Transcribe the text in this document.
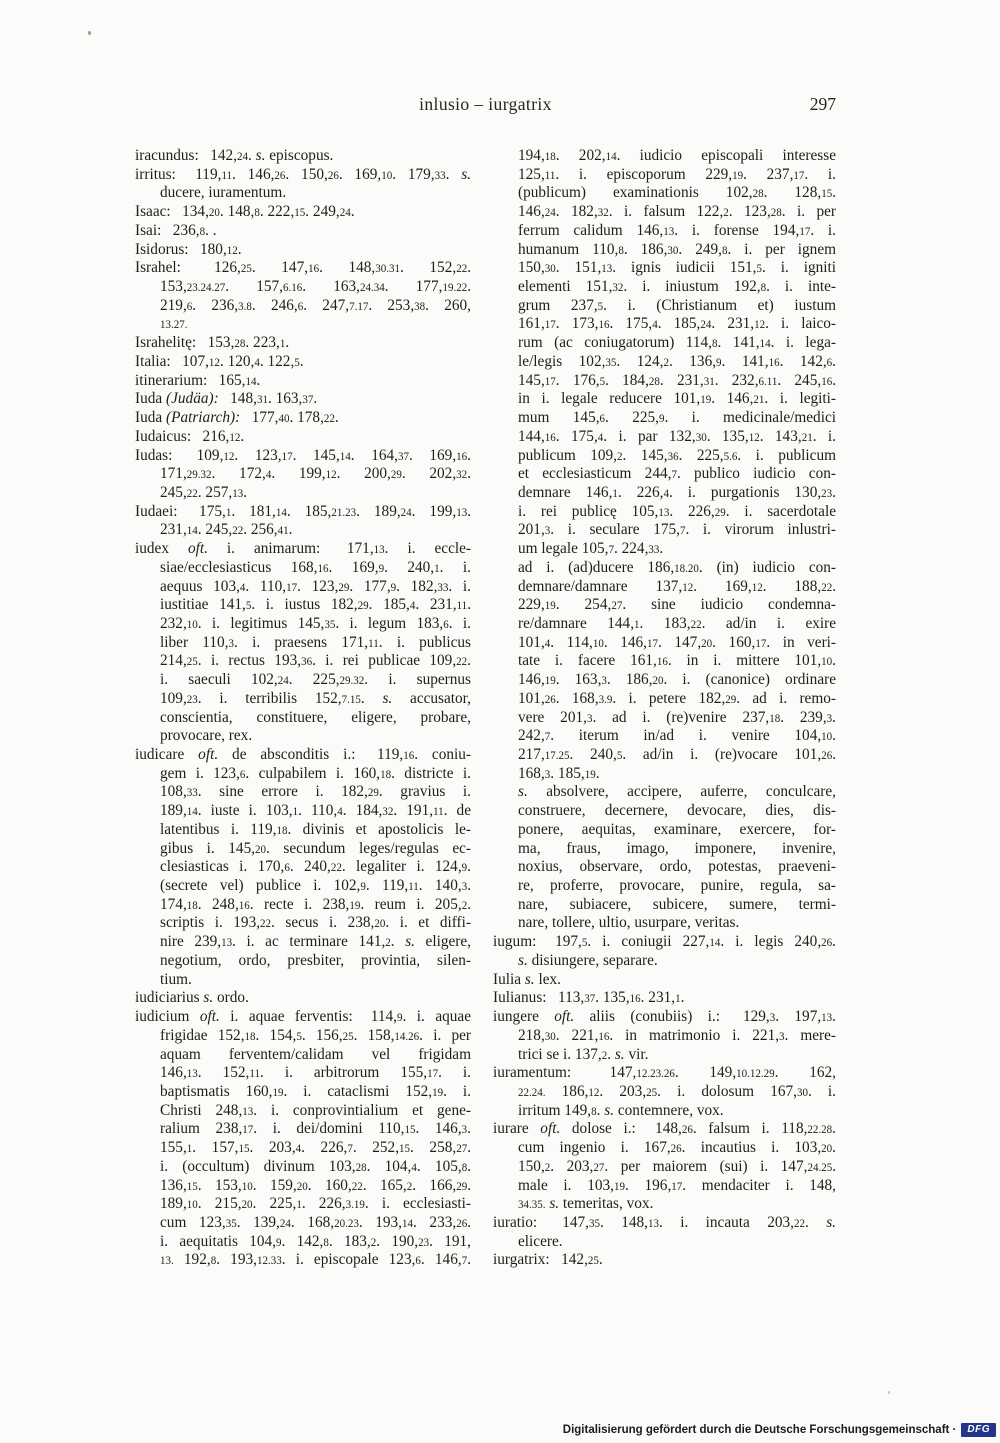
inlusio – iurgatrix	297
iracundus:  142,24. s. episcopus.
irritus:  119,11. 146,26. 150,26. 169,10. 179,33. s.
ducere, iuramentum.
Isaac:  134,20. 148,8. 222,15. 249,24.
Isai:  236,8. .
Isidorus:  180,12.
Israhel:  126,25. 147,16. 148,30.31. 152,22.
153,23.24.27. 157,6.16. 163,24.34. 177,19.22.
219,6. 236,3.8. 246,6. 247,7.17. 253,38. 260,
13.27.
Israhelitę:  153,28. 223,1.
Italia:  107,12. 120,4. 122,5.
itinerarium:  165,14.
Iuda (Judäa):  148,31. 163,37.
Iuda (Patriarch):  177,40. 178,22.
Iudaicus:  216,12.
Iudas:  109,12. 123,17. 145,14. 164,37. 169,16.
171,29.32. 172,4. 199,12. 200,29. 202,32.
245,22. 257,13.
Iudaei:  175,1. 181,14. 185,21.23. 189,24. 199,13.
231,14. 245,22. 256,41.
iudex oft. i. animarum:  171,13. i. eccle-
siae/ecclesiasticus 168,16. 169,9. 240,1. i.
aequus 103,4. 110,17. 123,29. 177,9. 182,33. i.
iustitiae 141,5. i. iustus 182,29. 185,4. 231,11.
232,10. i. legitimus 145,35. i. legum 183,6. i.
liber 110,3. i. praesens 171,11. i. publicus
214,25. i. rectus 193,36. i. rei publicae 109,22.
i. saeculi 102,24. 225,29.32. i. supernus
109,23. i. terribilis 152,7.15. s. accusator,
conscientia, constituere, eligere, probare,
provocare, rex.
iudicare oft. de absconditis i.:  119,16. coniu-
gem i. 123,6. culpabilem i. 160,18. districte i.
108,33. sine errore i. 182,29. gravius i.
189,14. iuste i. 103,1. 110,4. 184,32. 191,11. de
latentibus i. 119,18. divinis et apostolicis le-
gibus i. 145,20. secundum leges/regulas ec-
clesiasticas i. 170,6. 240,22. legaliter i. 124,9.
(secrete vel) publice i. 102,9. 119,11. 140,3.
174,18. 248,16. recte i. 238,19. reum i. 205,2.
scriptis i. 193,22. secus i. 238,20. i. et diffi-
nire 239,13. i. ac terminare 141,2. s. eligere,
negotium, ordo, presbiter, provintia, silen-
tium.
iudiciarius s. ordo.
iudicium oft. i. aquae ferventis:  114,9. i. aquae
frigidae 152,18. 154,5. 156,25. 158,14.26. i. per
aquam ferventem/calidam vel frigidam
146,13. 152,11. i. arbitrorum 155,17. i.
baptismatis 160,19. i. cataclismi 152,19. i.
Christi 248,13. i. conprovintialium et gene-
ralium 238,17. i. dei/domini 110,15. 146,3.
155,1. 157,15. 203,4. 226,7. 252,15. 258,27.
i. (occultum) divinum 103,28. 104,4. 105,8.
136,15. 153,10. 159,20. 160,22. 165,2. 166,29.
189,10. 215,20. 225,1. 226,3.19. i. ecclesiasti-
cum 123,35. 139,24. 168,20.23. 193,14. 233,26.
i. aequitatis 104,9. 142,8. 183,2. 190,23. 191,
13. 192,8. 193,12.33. i. episcopale 123,6. 146,7.
194,18. 202,14. iudicio episcopali interesse
125,11. i. episcoporum 229,19. 237,17. i.
(publicum) examinationis 102,28. 128,15.
146,24. 182,32. i. falsum 122,2. 123,28. i. per
ferrum calidum 146,13. i. forense 194,17. i.
humanum 110,8. 186,30. 249,8. i. per ignem
150,30. 151,13. ignis iudicii 151,5. i. igniti
elementi 151,32. i. iniustum 192,8. i. inte-
grum 237,5. i. (Christianum et) iustum
161,17. 173,16. 175,4. 185,24. 231,12. i. laico-
rum (ac coniugatorum) 114,8. 141,14. i. lega-
le/legis 102,35. 124,2. 136,9. 141,16. 142,6.
145,17. 176,5. 184,28. 231,31. 232,6.11. 245,16.
in i. legale reducere 101,19. 146,21. i. legiti-
mum 145,6. 225,9. i. medicinale/medici
144,16. 175,4. i. par 132,30. 135,12. 143,21. i.
publicum 109,2. 145,36. 225,5.6. i. publicum
et ecclesiasticum 244,7. publico iudicio con-
demnare 146,1. 226,4. i. purgationis 130,23.
i. rei publicę 105,13. 226,29. i. sacerdotale
201,3. i. seculare 175,7. i. virorum inlustri-
um legale 105,7. 224,33.
ad i. (ad)ducere 186,18.20. (in) iudicio con-
demnare/damnare 137,12. 169,12. 188,22.
229,19. 254,27. sine iudicio condemna-
re/damnare 144,1. 183,22. ad/in i. exire
101,4. 114,10. 146,17. 147,20. 160,17. in veri-
tate i. facere 161,16. in i. mittere 101,10.
146,19. 163,3. 186,20. i. (canonice) ordinare
101,26. 168,3.9. i. petere 182,29. ad i. remo-
vere 201,3. ad i. (re)venire 237,18. 239,3.
242,7. iterum in/ad i. venire 104,10.
217,17.25. 240,5. ad/in i. (re)vocare 101,26.
168,3. 185,19.
s. absolvere, accipere, auferre, conculcare,
construere, decernere, devocare, dies, dis-
ponere, aequitas, examinare, exercere, for-
ma, fraus, imago, imponere, invenire,
noxius, observare, ordo, potestas, praeveni-
re, proferre, provocare, punire, regula, sa-
nare, subiacere, subicere, sumere, termi-
nare, tollere, ultio, usurpare, veritas.
iugum:  197,5. i. coniugii 227,14. i. legis 240,26.
s. disiungere, separare.
Iulia s. lex.
Iulianus:  113,37. 135,16. 231,1.
iungere oft. aliis (conubiis) i.:  129,3. 197,13.
218,30. 221,16. in matrimonio i. 221,3. mere-
trici se i. 137,2. s. vir.
iuramentum:  147,12.23.26. 149,10.12.29. 162,
22.24. 186,12. 203,25. i. dolosum 167,30. i.
irritum 149,8. s. contemnere, vox.
iurare oft. dolose i.:  148,26. falsum i. 118,22.28.
cum ingenio i. 167,26. incautius i. 103,20.
150,2. 203,27. per maiorem (sui) i. 147,24.25.
male i. 103,19. 196,17. mendaciter i. 148,
34.35. s. temeritas, vox.
iuratio:  147,35. 148,13. i. incauta 203,22. s.
elicere.
iurgatrix:  142,25.
Digitalisierung gefördert durch die Deutsche Forschungsgemeinschaft ·	DFG
